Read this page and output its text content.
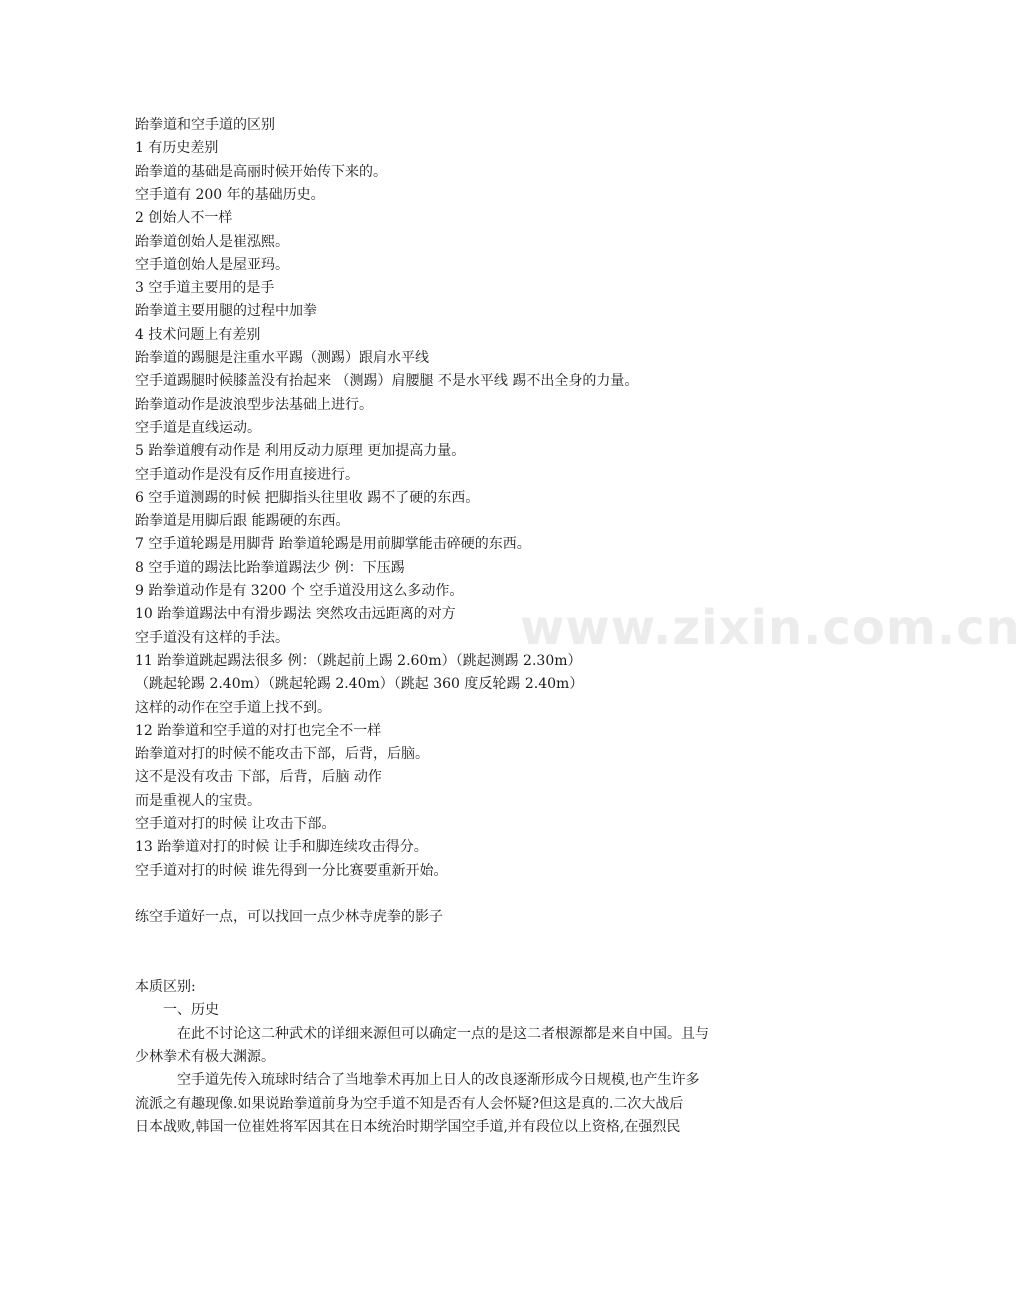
www.zixin.com.cn
跆拳道和空手道的区别
1 有历史差别
跆拳道的基础是高丽时候开始传下来的。
空手道有 200 年的基础历史。
2 创始人不一样
跆拳道创始人是崔泓熙。
空手道创始人是屋亚玛。
3 空手道主要用的是手
跆拳道主要用腿的过程中加拳
4 技术问题上有差别
跆拳道的踢腿是注重水平踢（测踢）跟肩水平线
空手道踢腿时候膝盖没有抬起来 （测踢）肩腰腿 不是水平线 踢不出全身的力量。
跆拳道动作是波浪型步法基础上进行。
空手道是直线运动。
5 跆拳道艘有动作是 利用反动力原理 更加提高力量。
空手道动作是没有反作用直接进行。
6 空手道测踢的时候 把脚指头往里收 踢不了硬的东西。
跆拳道是用脚后跟 能踢硬的东西。
7 空手道轮踢是用脚背 跆拳道轮踢是用前脚掌能击碎硬的东西。
8 空手道的踢法比跆拳道踢法少 例：下压踢
9 跆拳道动作是有 3200 个 空手道没用这么多动作。
10 跆拳道踢法中有滑步踢法 突然攻击远距离的对方
空手道没有这样的手法。
11 跆拳道跳起踢法很多 例：（跳起前上踢 2.60m）（跳起测踢 2.30m）
（跳起轮踢 2.40m）（跳起轮踢 2.40m）（跳起 360 度反轮踢 2.40m）
这样的动作在空手道上找不到。
12 跆拳道和空手道的对打也完全不一样
跆拳道对打的时候不能攻击下部，后背，后脑。
这不是没有攻击 下部，后背，后脑 动作
而是重视人的宝贵。
空手道对打的时候 让攻击下部。
13 跆拳道对打的时候 让手和脚连续攻击得分。
空手道对打的时候 谁先得到一分比赛要重新开始。
练空手道好一点，可以找回一点少林寺虎拳的影子
本质区别:
一、历史
在此不讨论这二种武术的详细来源但可以确定一点的是这二者根源都是来自中国。且与
少林拳术有极大渊源。
空手道先传入琉球时结合了当地拳术再加上日人的改良逐渐形成今日规模,也产生许多
流派之有趣现像.如果说跆拳道前身为空手道不知是否有人会怀疑?但这是真的.二次大战后
日本战败,韩国一位崔姓将军因其在日本统治时期学国空手道,并有段位以上资格,在强烈民
